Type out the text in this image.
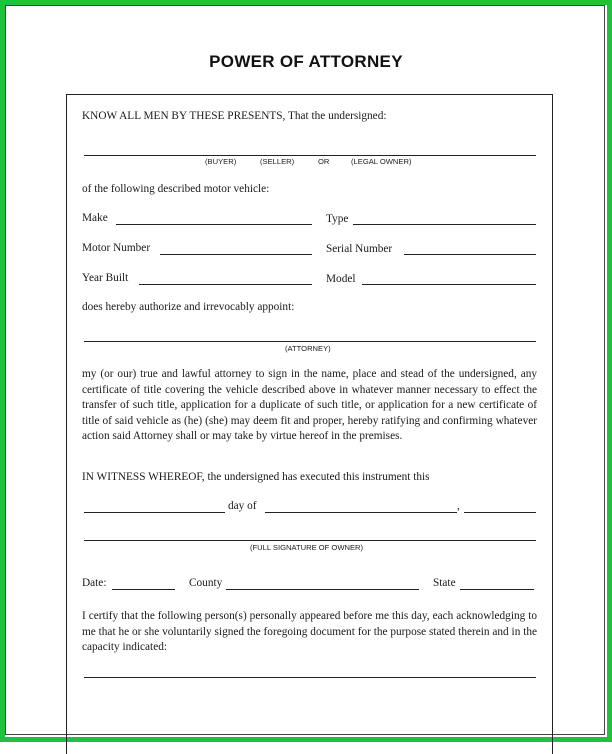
POWER OF ATTORNEY
KNOW ALL MEN BY THESE PRESENTS, That the undersigned:
(BUYER)	(SELLER)	OR	(LEGAL OWNER)
of the following described motor vehicle:
Make	Type
Motor Number	Serial Number
Year Built	Model
does hereby authorize and irrevocably appoint:
(ATTORNEY)
my (or our) true and lawful attorney to sign in the name, place and stead of the undersigned, any certificate of title covering the vehicle described above in whatever manner necessary to effect the transfer of such title, application for a duplicate of such title, or application for a new certificate of title of said vehicle as (he) (she) may deem fit and proper, hereby ratifying and confirming whatever action said Attorney shall or may take by virtue hereof in the premises.
IN WITNESS WHEREOF, the undersigned has executed this instrument this
day of	,
(FULL SIGNATURE OF OWNER)
Date:	County	State
I certify that the following person(s) personally appeared before me this day, each acknowledging to me that he or she voluntarily signed the foregoing document for the purpose stated therein and in the capacity indicated:
